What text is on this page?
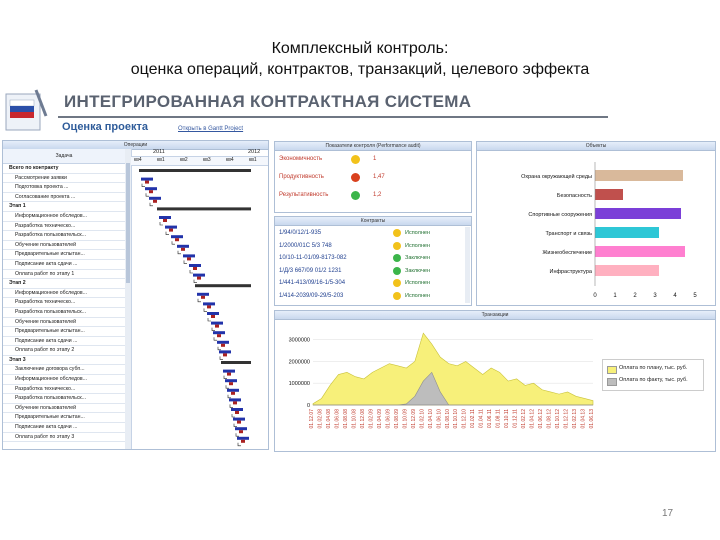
Комплексный контроль:
оценка операций, контрактов, транзакций, целевого эффекта
ИНТЕГРИРОВАННАЯ КОНТРАКТНАЯ СИСТЕМА
Оценка проекта	Открыть в Gantt Project
Операции
Задача
Всего по контракту
Рассмотрение заявки
Подготовка проекта ...
Согласование проекта ...
Этап 1
Информационное обследов...
Разработка техническо...
Разработка пользовательск...
Обучение пользователей
Предварительные испытан...
Подписание акта сдачи ...
Оплата работ по этапу 1
Этап 2
Информационное обследов...
Разработка техническо...
Разработка пользовательск...
Обучение пользователей
Предварительные испытан...
Подписание акта сдачи ...
Оплата работ по этапу 2
Этап 3
Заключение договора субп...
Информационное обследов...
Разработка техническо...
Разработка пользовательск...
Обучение пользователей
Предварительные испытан...
Подписание акта сдачи ...
Оплата работ по этапу 3
2011	2012
кв4	кв1	кв2	кв3	кв4	кв1
Показатели контроля (Performance audit)
Экономичность	1
Продуктивность	1,47
Результативность	1,2
Контракты
1/94/0/12/1-935	Исполнен
1/2000/01C 5/3 748	Исполнен
10/10-11-01/09-8173-082	Заключен
1/Д/3 667/09 01/2 1231	Заключен
1/441-413/09/16-1/5-304	Исполнен
1/414-2039/09-29/5-203	Исполнен
Объекты
Охрана окружающей среды
Безопасность
Спортивные сооружения
Транспорт и связь
Жизнеобеспечение
Инфраструктура
0	1	2	3	4	5
Транзакции
3000000
2000000
1000000
0
01.12.07 01.02.08 01.04.08 01.06.08 01.08.08 01.10.08 01.12.08 01.02.09 01.04.09 01.06.09 01.08.09 01.10.09 01.12.09 01.02.10 01.04.10 01.06.10 01.08.10 01.10.10 01.12.10 01.02.11 01.04.11 01.06.11 01.08.11 01.10.11 01.12.11 01.02.12 01.04.12 01.06.12 01.08.12 01.10.12 01.12.12 01.02.13 01.04.13 01.06.13
Оплата по плану, тыс. руб.
Оплата по факту, тыс. руб.
17
